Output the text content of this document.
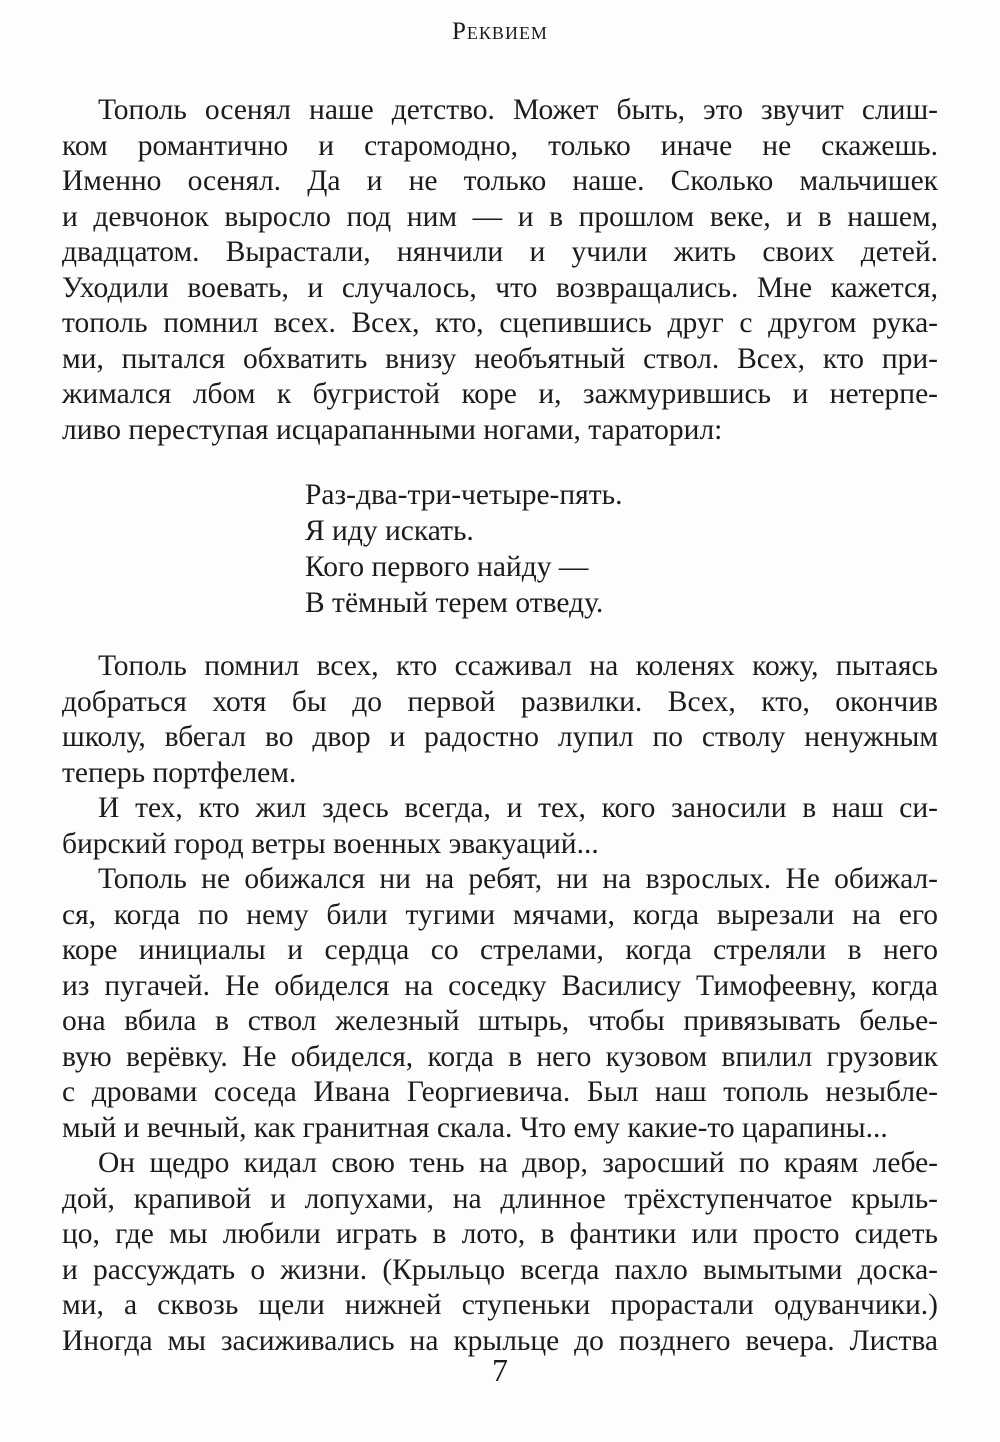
Реквием
Тополь осенял наше детство. Может быть, это звучит слиш-
ком романтично и старомодно, только иначе не скажешь.
Именно осенял. Да и не только наше. Сколько мальчишек
и девчонок выросло под ним — и в прошлом веке, и в нашем,
двадцатом. Вырастали, нянчили и учили жить своих детей.
Уходили воевать, и случалось, что возвращались. Мне кажется,
тополь помнил всех. Всех, кто, сцепившись друг с другом рука-
ми, пытался обхватить внизу необъятный ствол. Всех, кто при-
жимался лбом к бугристой коре и, зажмурившись и нетерпе-
ливо переступая исцарапанными ногами, тараторил:
Раз-два-три-четыре-пять.
Я иду искать.
Кого первого найду —
В тёмный терем отведу.
Тополь помнил всех, кто ссаживал на коленях кожу, пытаясь
добраться хотя бы до первой развилки. Всех, кто, окончив
школу, вбегал во двор и радостно лупил по стволу ненужным
теперь портфелем.
И тех, кто жил здесь всегда, и тех, кого заносили в наш си-
бирский город ветры военных эвакуаций...
Тополь не обижался ни на ребят, ни на взрослых. Не обижал-
ся, когда по нему били тугими мячами, когда вырезали на его
коре инициалы и сердца со стрелами, когда стреляли в него
из пугачей. Не обиделся на соседку Василису Тимофеевну, когда
она вбила в ствол железный штырь, чтобы привязывать белье-
вую верёвку. Не обиделся, когда в него кузовом впилил грузовик
с дровами соседа Ивана Георгиевича. Был наш тополь незыбле-
мый и вечный, как гранитная скала. Что ему какие-то царапины...
Он щедро кидал свою тень на двор, заросший по краям лебе-
дой, крапивой и лопухами, на длинное трёхступенчатое крыль-
цо, где мы любили играть в лото, в фантики или просто сидеть
и рассуждать о жизни. (Крыльцо всегда пахло вымытыми доска-
ми, а сквозь щели нижней ступеньки прорастали одуванчики.)
Иногда мы засиживались на крыльце до позднего вечера. Листва
7
